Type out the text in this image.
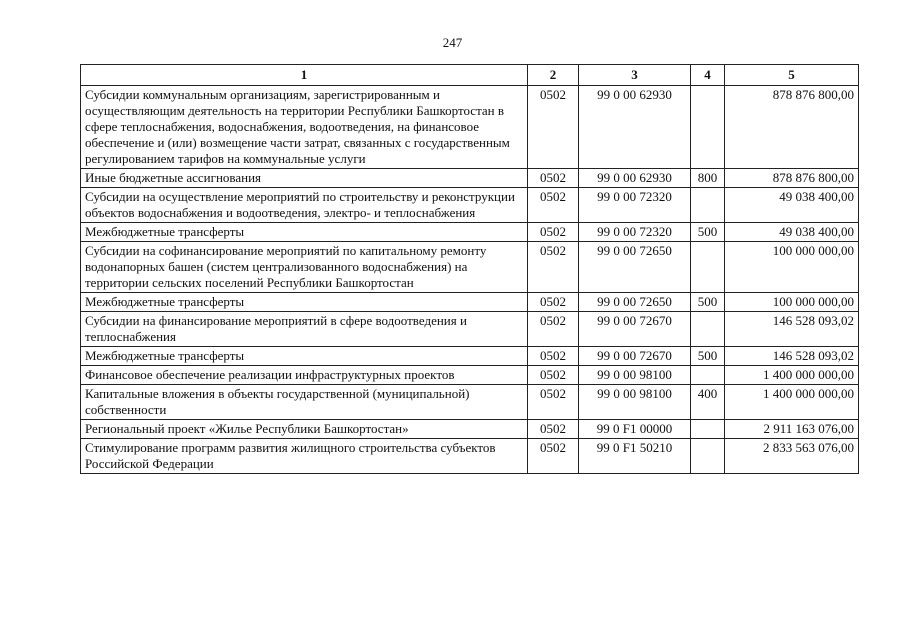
247
1	2	3	4	5
Субсидии коммунальным организациям, зарегистрированным и осуществляющим деятельность на территории Республики Башкортостан в сфере теплоснабжения, водоснабжения, водоотведения, на финансовое обеспечение и (или) возмещение части затрат, связанных с государственным регулированием тарифов на коммунальные услуги	0502	99 0 00 62930		878 876 800,00
Иные бюджетные ассигнования	0502	99 0 00 62930	800	878 876 800,00
Субсидии на осуществление мероприятий по строительству и реконструкции объектов водоснабжения и водоотведения, электро- и теплоснабжения	0502	99 0 00 72320		49 038 400,00
Межбюджетные трансферты	0502	99 0 00 72320	500	49 038 400,00
Субсидии на софинансирование мероприятий по капитальному ремонту водонапорных башен (систем централизованного водоснабжения) на территории сельских поселений Республики Башкортостан	0502	99 0 00 72650		100 000 000,00
Межбюджетные трансферты	0502	99 0 00 72650	500	100 000 000,00
Субсидии на финансирование мероприятий в сфере водоотведения и теплоснабжения	0502	99 0 00 72670		146 528 093,02
Межбюджетные трансферты	0502	99 0 00 72670	500	146 528 093,02
Финансовое обеспечение реализации инфраструктурных проектов	0502	99 0 00 98100		1 400 000 000,00
Капитальные вложения в объекты государственной (муниципальной) собственности	0502	99 0 00 98100	400	1 400 000 000,00
Региональный проект «Жилье Республики Башкортостан»	0502	99 0 F1 00000		2 911 163 076,00
Стимулирование программ развития жилищного строительства субъектов Российской Федерации	0502	99 0 F1 50210		2 833 563 076,00
